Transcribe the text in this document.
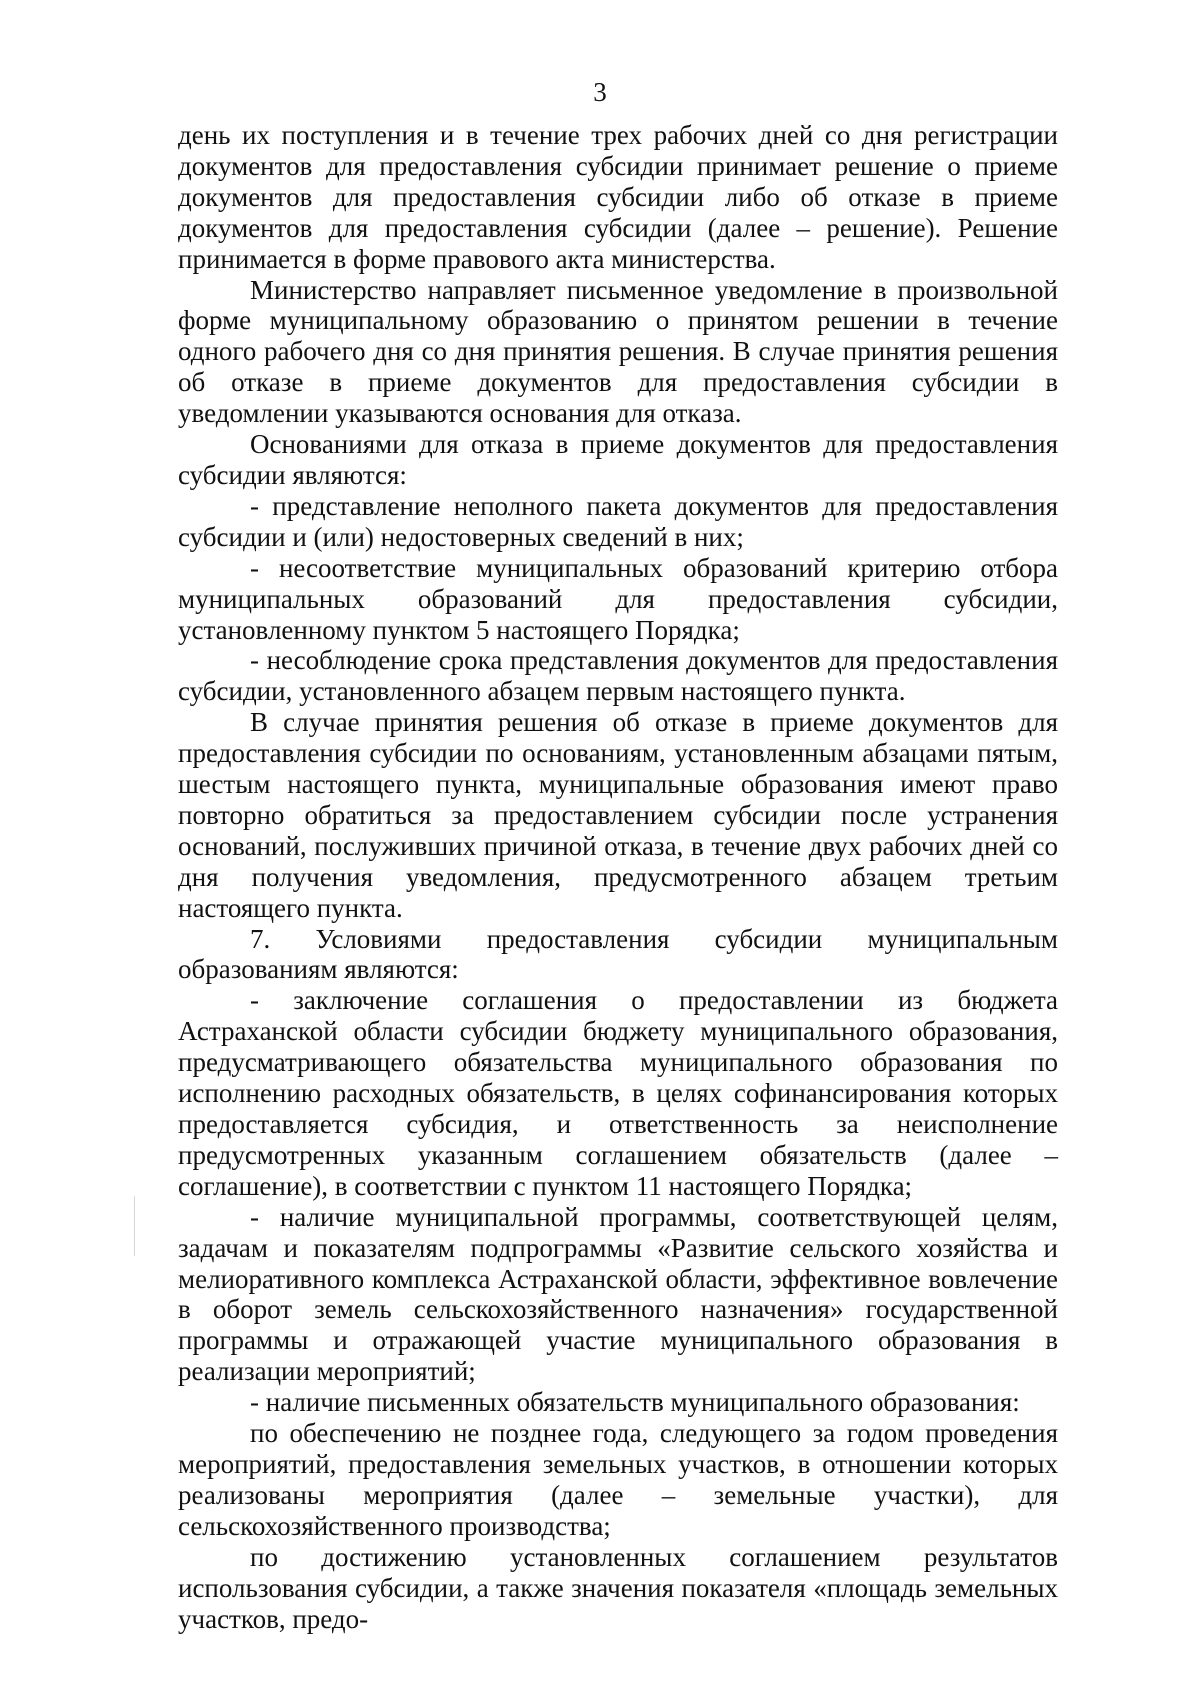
3

день их поступления и в течение трех рабочих дней со дня регистрации документов для предоставления субсидии принимает решение о приеме документов для предоставления субсидии либо об отказе в приеме документов для предоставления субсидии (далее – решение). Решение принимается в форме правового акта министерства.

Министерство направляет письменное уведомление в произвольной форме муниципальному образованию о принятом решении в течение одного рабочего дня со дня принятия решения. В случае принятия решения об отказе в приеме документов для предоставления субсидии в уведомлении указываются основания для отказа.

Основаниями для отказа в приеме документов для предоставления субсидии являются:

- представление неполного пакета документов для предоставления субсидии и (или) недостоверных сведений в них;

- несоответствие муниципальных образований критерию отбора муниципальных образований для предоставления субсидии, установленному пунктом 5 настоящего Порядка;

- несоблюдение срока представления документов для предоставления субсидии, установленного абзацем первым настоящего пункта.

В случае принятия решения об отказе в приеме документов для предоставления субсидии по основаниям, установленным абзацами пятым, шестым настоящего пункта, муниципальные образования имеют право повторно обратиться за предоставлением субсидии после устранения оснований, послуживших причиной отказа, в течение двух рабочих дней со дня получения уведомления, предусмотренного абзацем третьим настоящего пункта.

7. Условиями предоставления субсидии муниципальным образованиям являются:

- заключение соглашения о предоставлении из бюджета Астраханской области субсидии бюджету муниципального образования, предусматривающего обязательства муниципального образования по исполнению расходных обязательств, в целях софинансирования которых предоставляется субсидия, и ответственность за неисполнение предусмотренных указанным соглашением обязательств (далее – соглашение), в соответствии с пунктом 11 настоящего Порядка;

- наличие муниципальной программы, соответствующей целям, задачам и показателям подпрограммы «Развитие сельского хозяйства и мелиоративного комплекса Астраханской области, эффективное вовлечение в оборот земель сельскохозяйственного назначения» государственной программы и отражающей участие муниципального образования в реализации мероприятий;

- наличие письменных обязательств муниципального образования:

по обеспечению не позднее года, следующего за годом проведения мероприятий, предоставления земельных участков, в отношении которых реализованы мероприятия (далее – земельные участки), для сельскохозяйственного производства;

по достижению установленных соглашением результатов использования субсидии, а также значения показателя «площадь земельных участков, предо-
